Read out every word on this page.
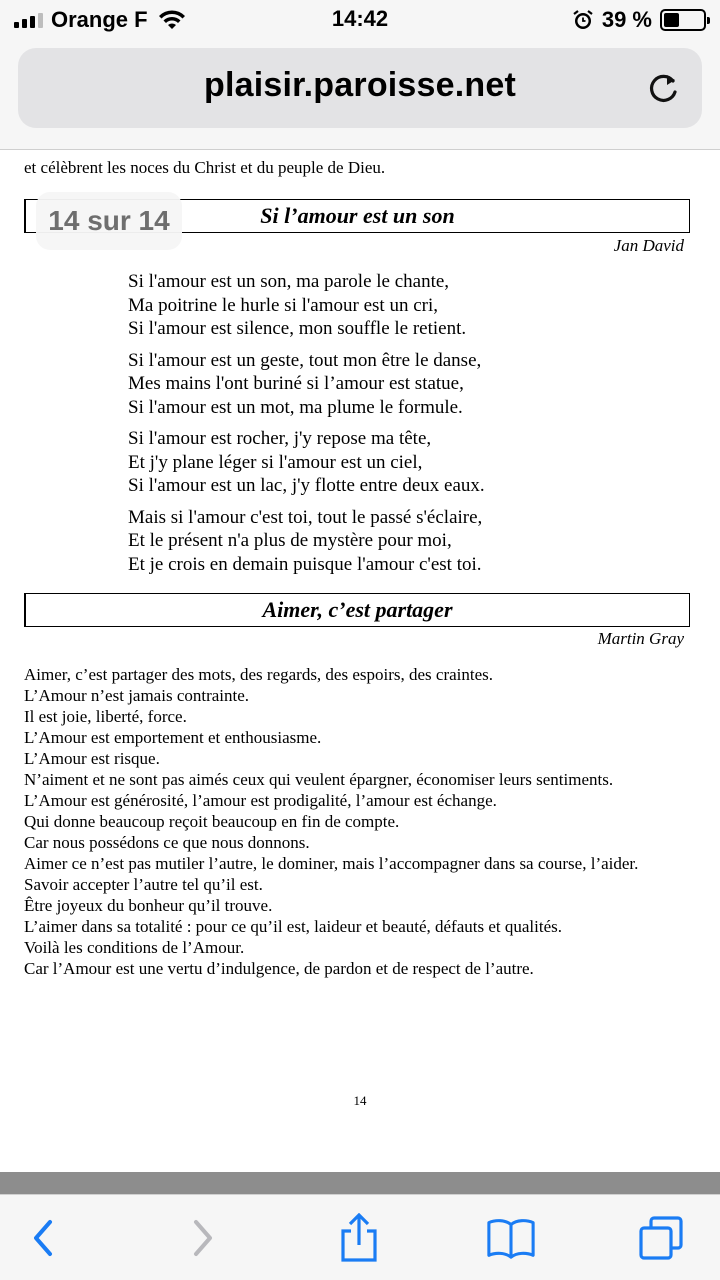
Orange F	14:42	39 %
plaisir.paroisse.net
et célèbrent les noces du Christ et du peuple de Dieu.
Si l’amour est un son
Jan David
Si l'amour est un son, ma parole le chante,
Ma poitrine le hurle si l'amour est un cri,
Si l'amour est silence, mon souffle le retient.
Si l'amour est un geste, tout mon être le danse,
Mes mains l'ont buriné si l’amour est statue,
Si l'amour est un mot, ma plume le formule.
Si l'amour est rocher, j'y repose ma tête,
Et j'y plane léger si l'amour est un ciel,
Si l'amour est un lac, j'y flotte entre deux eaux.
Mais si l'amour c'est toi, tout le passé s'éclaire,
Et le présent n'a plus de mystère pour moi,
Et je crois en demain puisque l'amour c'est toi.
Aimer, c’est partager
Martin Gray
Aimer, c’est partager des mots, des regards, des espoirs, des craintes.
L’Amour n’est jamais contrainte.
Il est joie, liberté, force.
L’Amour est emportement et enthousiasme.
L’Amour est risque.
N’aiment et ne sont pas aimés ceux qui veulent épargner, économiser leurs sentiments.
L’Amour est générosité, l’amour est prodigalité, l’amour est échange.
Qui donne beaucoup reçoit beaucoup en fin de compte.
Car nous possédons ce que nous donnons.
Aimer ce n’est pas mutiler l’autre, le dominer, mais l’accompagner dans sa course, l’aider.
Savoir accepter l’autre tel qu’il est.
Être joyeux du bonheur qu’il trouve.
L’aimer dans sa totalité : pour ce qu’il est, laideur et beauté, défauts et qualités.
Voilà les conditions de l’Amour.
Car l’Amour est une vertu d’indulgence, de pardon et de respect de l’autre.
14
14 sur 14
